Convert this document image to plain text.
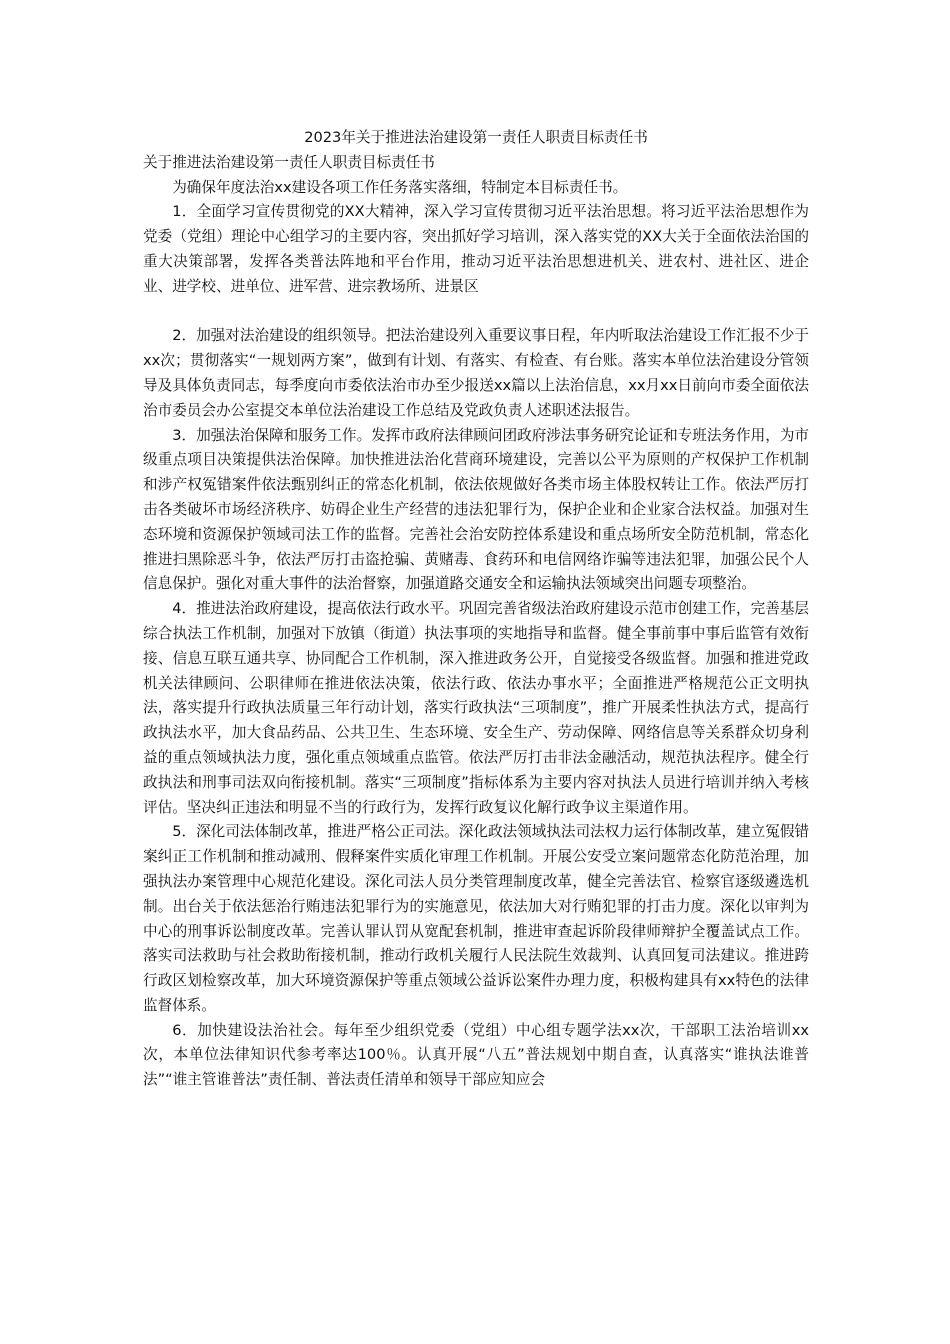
2023年关于推进法治建设第一责任人职责目标责任书

关于推进法治建设第一责任人职责目标责任书

为确保年度法治xx建设各项工作任务落实落细，特制定本目标责任书。

1．全面学习宣传贯彻党的XX大精神，深入学习宣传贯彻习近平法治思想。将习近平法治思想作为党委（党组）理论中心组学习的主要内容，突出抓好学习培训，深入落实党的XX大关于全面依法治国的重大决策部署，发挥各类普法阵地和平台作用，推动习近平法治思想进机关、进农村、进社区、进企业、进学校、进单位、进军营、进宗教场所、进景区

2．加强对法治建设的组织领导。把法治建设列入重要议事日程，年内听取法治建设工作汇报不少于xx次；贯彻落实“一规划两方案”，做到有计划、有落实、有检查、有台账。落实本单位法治建设分管领导及具体负责同志，每季度向市委依法治市办至少报送xx篇以上法治信息，xx月xx日前向市委全面依法治市委员会办公室提交本单位法治建设工作总结及党政负责人述职述法报告。

3．加强法治保障和服务工作。发挥市政府法律顾问团政府涉法事务研究论证和专班法务作用，为市级重点项目决策提供法治保障。加快推进法治化营商环境建设，完善以公平为原则的产权保护工作机制和涉产权冤错案件依法甄别纠正的常态化机制，依法依规做好各类市场主体股权转让工作。依法严厉打击各类破坏市场经济秩序、妨碍企业生产经营的违法犯罪行为，保护企业和企业家合法权益。加强对生态环境和资源保护领域司法工作的监督。完善社会治安防控体系建设和重点场所安全防范机制，常态化推进扫黑除恶斗争，依法严厉打击盗抢骗、黄赌毒、食药环和电信网络诈骗等违法犯罪，加强公民个人信息保护。强化对重大事件的法治督察，加强道路交通安全和运输执法领域突出问题专项整治。

4．推进法治政府建设，提高依法行政水平。巩固完善省级法治政府建设示范市创建工作，完善基层综合执法工作机制，加强对下放镇（街道）执法事项的实地指导和监督。健全事前事中事后监管有效衔接、信息互联互通共享、协同配合工作机制，深入推进政务公开，自觉接受各级监督。加强和推进党政机关法律顾问、公职律师在推进依法决策，依法行政、依法办事水平；全面推进严格规范公正文明执法，落实提升行政执法质量三年行动计划，落实行政执法“三项制度”，推广开展柔性执法方式，提高行政执法水平，加大食品药品、公共卫生、生态环境、安全生产、劳动保障、网络信息等关系群众切身利益的重点领域执法力度，强化重点领域重点监管。依法严厉打击非法金融活动，规范执法程序。健全行政执法和刑事司法双向衔接机制。落实“三项制度”指标体系为主要内容对执法人员进行培训并纳入考核评估。坚决纠正违法和明显不当的行政行为，发挥行政复议化解行政争议主渠道作用。

5．深化司法体制改革，推进严格公正司法。深化政法领域执法司法权力运行体制改革，建立冤假错案纠正工作机制和推动减刑、假释案件实质化审理工作机制。开展公安受立案问题常态化防范治理，加强执法办案管理中心规范化建设。深化司法人员分类管理制度改革，健全完善法官、检察官逐级遴选机制。出台关于依法惩治行贿违法犯罪行为的实施意见，依法加大对行贿犯罪的打击力度。深化以审判为中心的刑事诉讼制度改革。完善认罪认罚从宽配套机制，推进审查起诉阶段律师辩护全覆盖试点工作。落实司法救助与社会救助衔接机制，推动行政机关履行人民法院生效裁判、认真回复司法建议。推进跨行政区划检察改革，加大环境资源保护等重点领域公益诉讼案件办理力度，积极构建具有xx特色的法律监督体系。

6．加快建设法治社会。每年至少组织党委（党组）中心组专题学法xx次，干部职工法治培训xx次，本单位法律知识代参考率达100％。认真开展“八五”普法规划中期自查，认真落实“谁执法谁普法”“谁主管谁普法”责任制、普法责任清单和领导干部应知应会
